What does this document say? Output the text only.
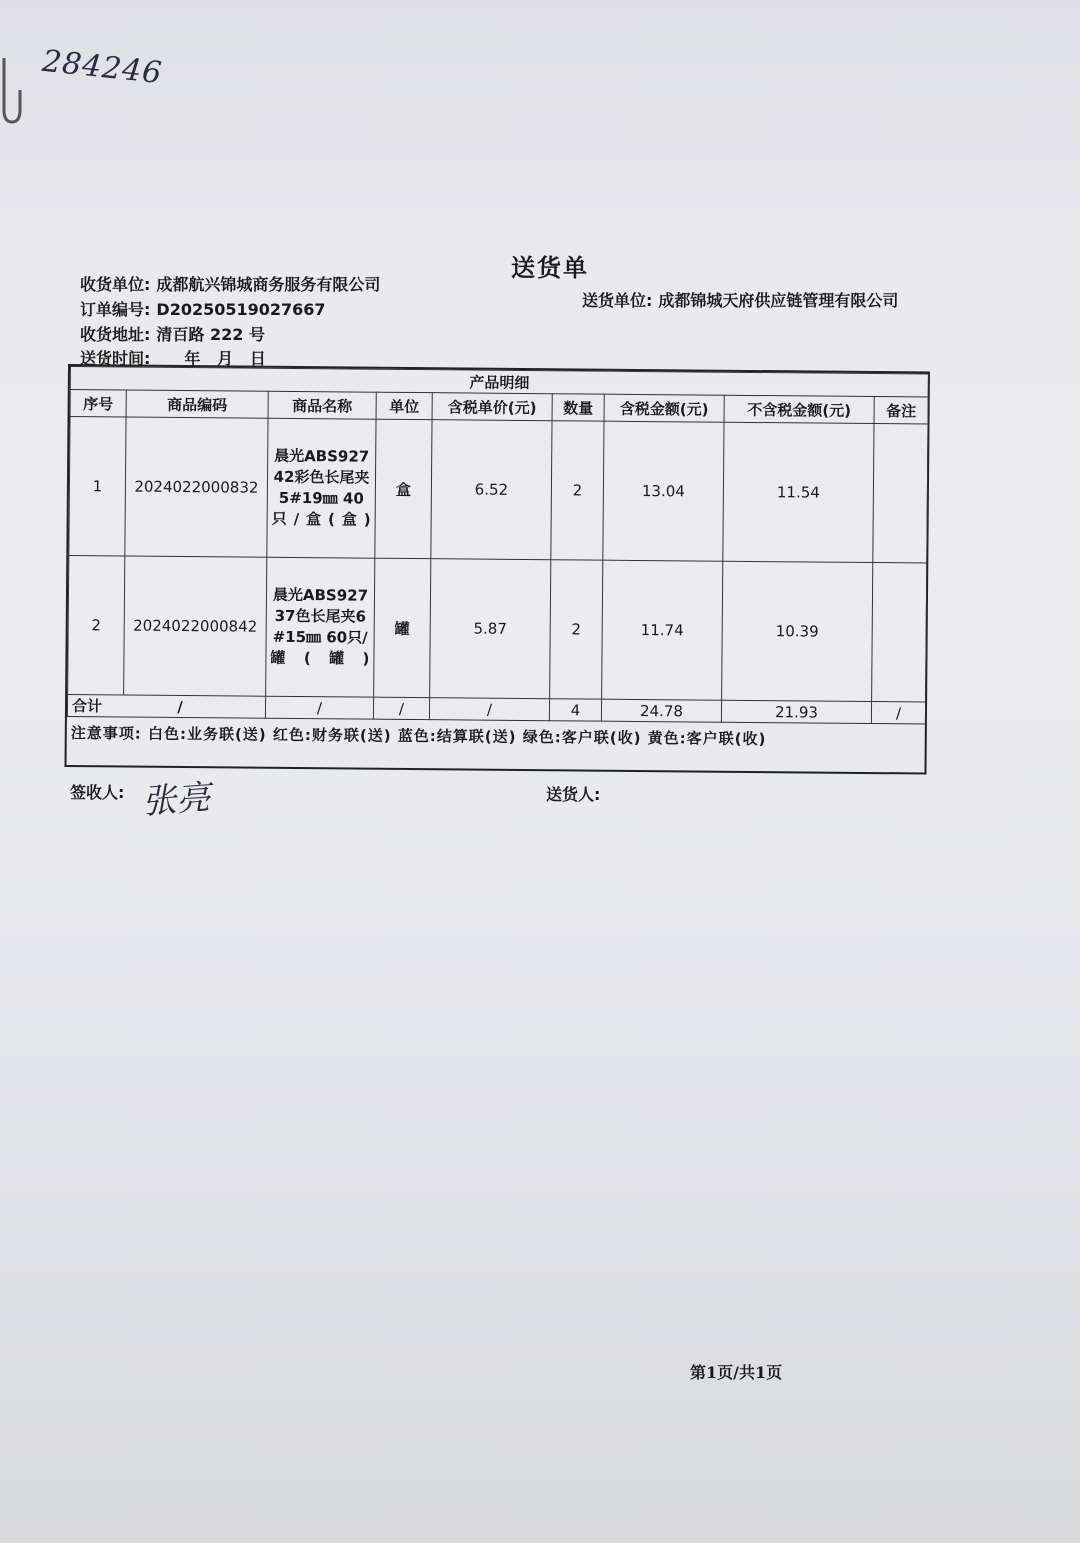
284246
送货单
收货单位: 成都航兴锦城商务服务有限公司
订单编号: D20250519027667
收货地址: 清百路 222 号
送货时间: 年   月   日
送货单位: 成都锦城天府供应链管理有限公司
产品明细								
序号	商品编码	商品名称	单位	含税单价(元)	数量	含税金额(元)	不含税金额(元)	备注
1	2024022000832	晨光ABS92742彩色长尾夹5#19㎜ 40只/盒(盒)	盒	6.52	2	13.04	11.54	
2	2024022000842	晨光ABS92737色长尾夹6#15㎜ 60只/罐(罐)	罐	5.87	2	11.74	10.39	
合计 /		/	/	/	4	24.78	21.93	/
注意事项: 白色:业务联(送) 红色:财务联(送) 蓝色:结算联(送) 绿色:客户联(收) 黄色:客户联(收)
签收人: 张亮	送货人:
第1页/共1页
